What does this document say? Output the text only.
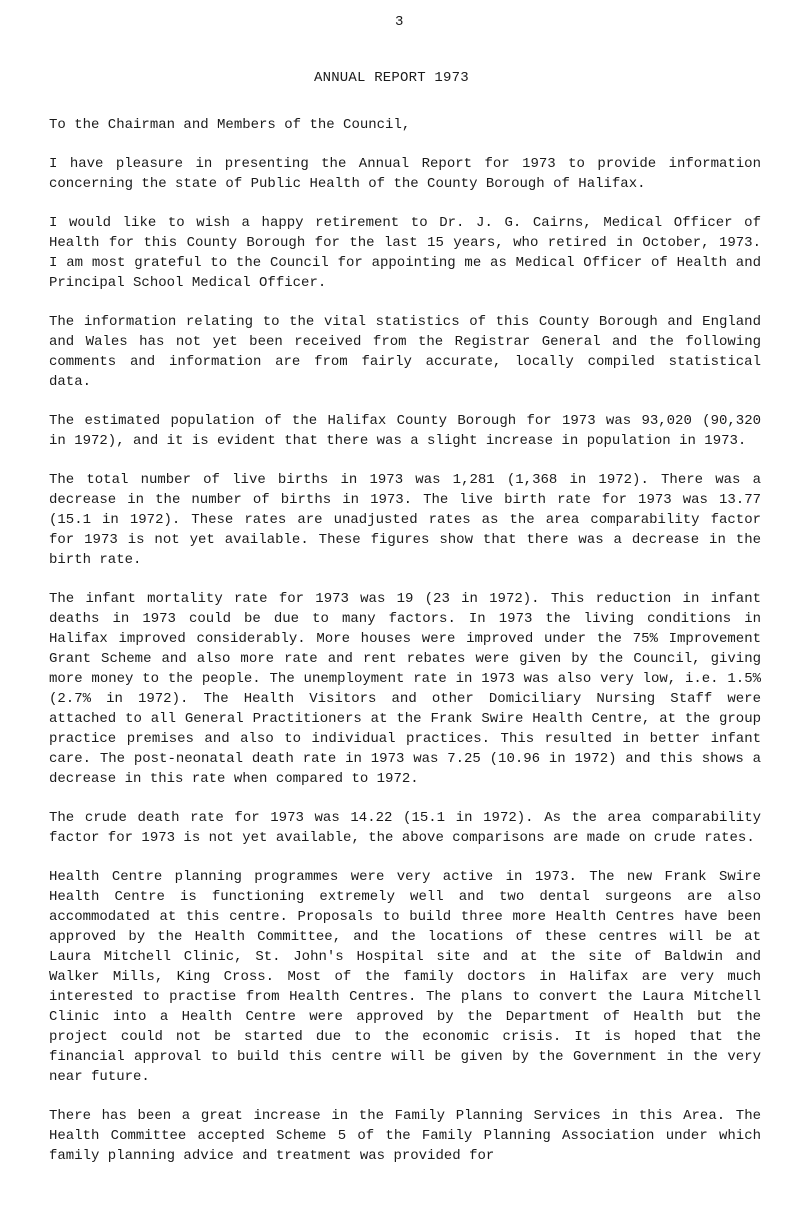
3
ANNUAL REPORT 1973

To the Chairman and Members of the Council,

I have pleasure in presenting the Annual Report for 1973 to provide information concerning the state of Public Health of the County Borough of Halifax.

I would like to wish a happy retirement to Dr. J. G. Cairns, Medical Officer of Health for this County Borough for the last 15 years, who retired in October, 1973. I am most grateful to the Council for appointing me as Medical Officer of Health and Principal School Medical Officer.

The information relating to the vital statistics of this County Borough and England and Wales has not yet been received from the Registrar General and the following comments and information are from fairly accurate, locally compiled statistical data.

The estimated population of the Halifax County Borough for 1973 was 93,020 (90,320 in 1972), and it is evident that there was a slight increase in population in 1973.

The total number of live births in 1973 was 1,281 (1,368 in 1972). There was a decrease in the number of births in 1973. The live birth rate for 1973 was 13.77 (15.1 in 1972). These rates are unadjusted rates as the area comparability factor for 1973 is not yet available. These figures show that there was a decrease in the birth rate.

The infant mortality rate for 1973 was 19 (23 in 1972). This reduction in infant deaths in 1973 could be due to many factors. In 1973 the living conditions in Halifax improved considerably. More houses were improved under the 75% Improvement Grant Scheme and also more rate and rent rebates were given by the Council, giving more money to the people. The unemployment rate in 1973 was also very low, i.e. 1.5% (2.7% in 1972). The Health Visitors and other Domiciliary Nursing Staff were attached to all General Practitioners at the Frank Swire Health Centre, at the group practice premises and also to individual practices. This resulted in better infant care. The post-neonatal death rate in 1973 was 7.25 (10.96 in 1972) and this shows a decrease in this rate when compared to 1972.

The crude death rate for 1973 was 14.22 (15.1 in 1972). As the area comparability factor for 1973 is not yet available, the above comparisons are made on crude rates.

Health Centre planning programmes were very active in 1973. The new Frank Swire Health Centre is functioning extremely well and two dental surgeons are also accommodated at this centre. Proposals to build three more Health Centres have been approved by the Health Committee, and the locations of these centres will be at Laura Mitchell Clinic, St. John's Hospital site and at the site of Baldwin and Walker Mills, King Cross. Most of the family doctors in Halifax are very much interested to practise from Health Centres. The plans to convert the Laura Mitchell Clinic into a Health Centre were approved by the Department of Health but the project could not be started due to the economic crisis. It is hoped that the financial approval to build this centre will be given by the Government in the very near future.

There has been a great increase in the Family Planning Services in this Area. The Health Committee accepted Scheme 5 of the Family Planning Association under which family planning advice and treatment was provided for
